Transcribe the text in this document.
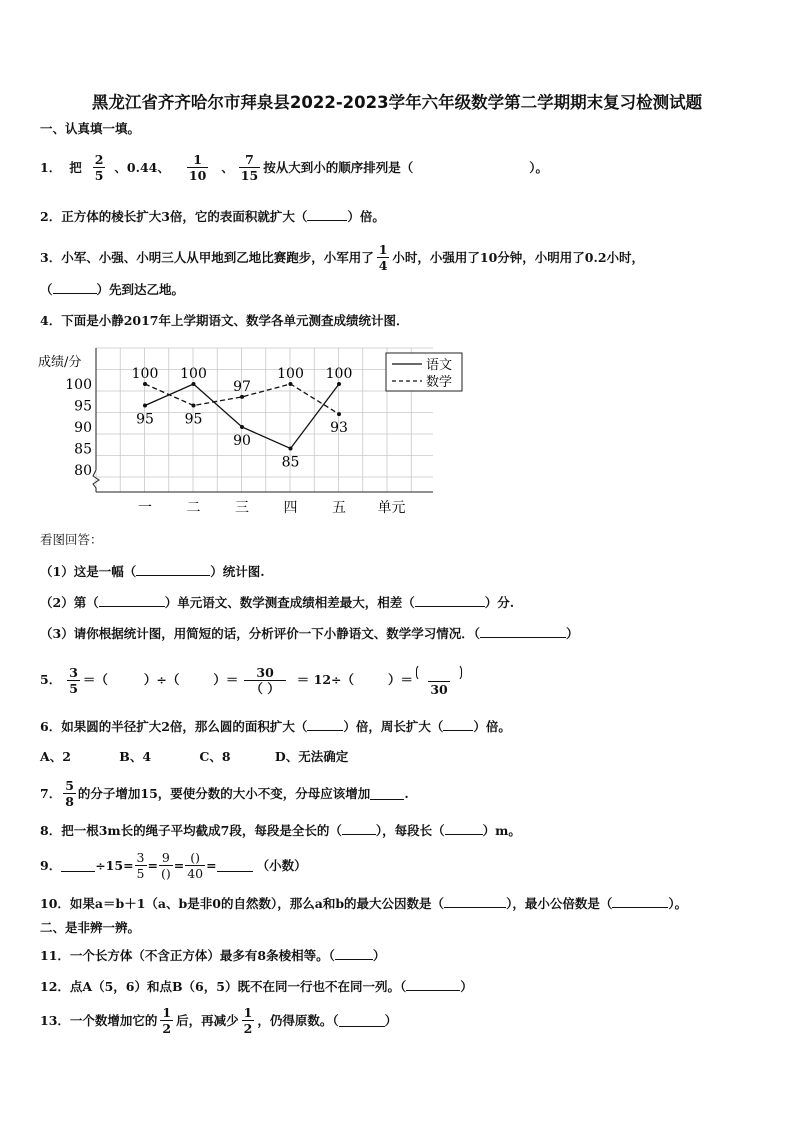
黑龙江省齐齐哈尔市拜泉县2022-2023学年六年级数学第二学期期末复习检测试题
一、认真填一填。
1． 把 $\frac{2}{5}$ 、0.44、 $\frac{1}{10}$ 、 $\frac{7}{15}$ 按从大到小的顺序排列是（	）。
2．正方体的棱长扩大3倍，它的表面积就扩大（	）倍。
3．小军、小强、小明三人从甲地到乙地比赛跑步，小军用了 $\frac{1}{4}$ 小时，小强用了10分钟，小明用了0.2小时，
（	）先到达乙地。
4．下面是小静2017年上学期语文、数学各单元测查成绩统计图．
80
85
90
95
100
成绩/分
一 二 三 四 五 单元
95
100
90
85
100
100
95
97
100
93
语文
数学
看图回答：
（1）这是一幅（	）统计图.
（2）第（	）单元语文、数学测查成绩相差最大，相差（	）分.
（3）请你根据统计图，用简短的话，分析评价一下小静语文、数学学习情况．（	）
5． $\frac{3}{5}$ ＝（	）÷（	）＝ $\frac{30}{( )} = 12\div$（	）＝
30
6．如果圆的半径扩大2倍，那么圆的面积扩大（	）倍，周长扩大（ ）倍。
A、2	B、4	C、8	D、无法确定
7． $\frac{5}{8}$ 的分子增加15，要使分数的大小不变，分母应该增加	.
8．把一根3m长的绳子平均截成7段，每段是全长的（	），每段长（	）m。
9．	$\div 15= \frac{3}{5} = \frac{9}{()} = \frac{()}{40}$ =	（小数）
10．如果a＝b＋1（a、b是非0的自然数），那么a和b的最大公因数是（	），最小公倍数是（	）。
二、是非辨一辨。
11．一个长方体（不含正方体）最多有8条棱相等。（	）
12．点A（5，6）和点B（6，5）既不在同一行也不在同一列。（	）
13．一个数增加它的 $\frac{1}{2}$ 后，再减少 $\frac{1}{2}$ ，仍得原数。（	）
